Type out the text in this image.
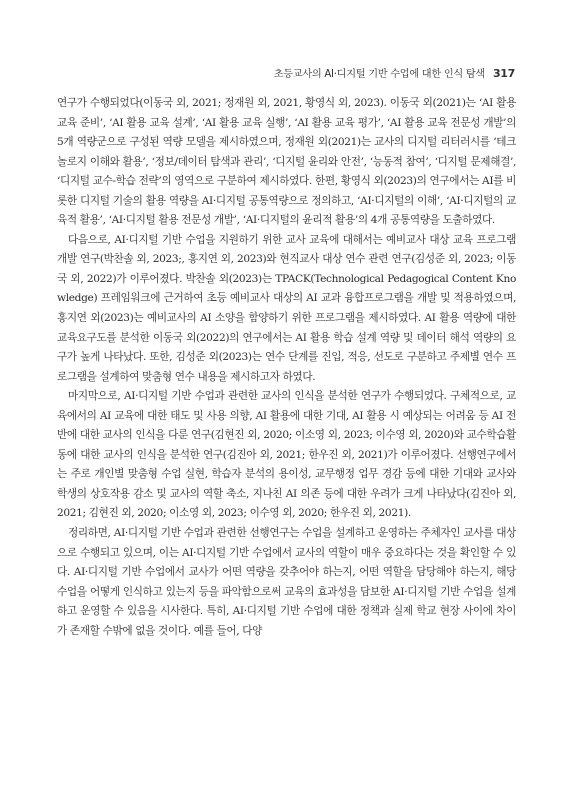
초등교사의 AI·디지털 기반 수업에 대한 인식 탐색 317

연구가 수행되었다(이동국 외, 2021; 정재원 외, 2021, 황영식 외, 2023). 이동국 외(2021)는 ‘AI 활용 교육 준비’, ‘AI 활용 교육 설계’, ‘AI 활용 교육 실행’, ‘AI 활용 교육 평가’, ‘AI 활용 교육 전문성 개발’의 5개 역량군으로 구성된 역량 모델을 제시하였으며, 정재원 외(2021)는 교사의 디지털 리터러시를 ‘테크놀로지 이해와 활용’, ‘정보/데이터 탐색과 관리’, ‘디지털 윤리와 안전’, ‘능동적 참여’, ‘디지털 문제해결’, ‘디지털 교수-학습 전략’의 영역으로 구분하여 제시하였다. 한편, 황영식 외(2023)의 연구에서는 AI를 비롯한 디지털 기술의 활용 역량을 AI·디지털 공통역량으로 정의하고, ‘AI·디지털의 이해’, ‘AI·디지털의 교육적 활용’, ‘AI·디지털 활용 전문성 개발’, ‘AI·디지털의 윤리적 활용’의 4개 공통역량을 도출하였다.

다음으로, AI·디지털 기반 수업을 지원하기 위한 교사 교육에 대해서는 예비교사 대상 교육 프로그램 개발 연구(박찬솔 외, 2023;, 홍지연 외, 2023)와 현직교사 대상 연수 관련 연구(김성준 외, 2023; 이동국 외, 2022)가 이루어졌다. 박찬솔 외(2023)는 TPACK(Technological Pedagogical Content Knowledge) 프레임워크에 근거하여 초등 예비교사 대상의 AI 교과 융합프로그램을 개발 및 적용하였으며, 홍지연 외(2023)는 예비교사의 AI 소양을 함양하기 위한 프로그램을 제시하였다. AI 활용 역량에 대한 교육요구도를 분석한 이동국 외(2022)의 연구에서는 AI 활용 학습 설계 역량 및 데이터 해석 역량의 요구가 높게 나타났다. 또한, 김성준 외(2023)는 연수 단계를 진입, 적응, 선도로 구분하고 주제별 연수 프로그램을 설계하여 맞춤형 연수 내용을 제시하고자 하였다.

마지막으로, AI·디지털 기반 수업과 관련한 교사의 인식을 분석한 연구가 수행되었다. 구체적으로, 교육에서의 AI 교육에 대한 태도 및 사용 의향, AI 활용에 대한 기대, AI 활용 시 예상되는 어려움 등 AI 전반에 대한 교사의 인식을 다룬 연구(김현진 외, 2020; 이소영 외, 2023; 이수영 외, 2020)와 교수학습활동에 대한 교사의 인식을 분석한 연구(김진아 외, 2021; 한우진 외, 2021)가 이루어졌다. 선행연구에서는 주로 개인별 맞춤형 수업 실현, 학습자 분석의 용이성, 교무행정 업무 경감 등에 대한 기대와 교사와 학생의 상호작용 감소 및 교사의 역할 축소, 지나친 AI 의존 등에 대한 우려가 크게 나타났다(김진아 외, 2021; 김현진 외, 2020; 이소영 외, 2023; 이수영 외, 2020; 한우진 외, 2021).

정리하면, AI·디지털 기반 수업과 관련한 선행연구는 수업을 설계하고 운영하는 주체자인 교사를 대상으로 수행되고 있으며, 이는 AI·디지털 기반 수업에서 교사의 역할이 매우 중요하다는 것을 확인할 수 있다. AI·디지털 기반 수업에서 교사가 어떤 역량을 갖추어야 하는지, 어떤 역할을 담당해야 하는지, 해당 수업을 어떻게 인식하고 있는지 등을 파악함으로써 교육의 효과성을 담보한 AI·디지털 기반 수업을 설계하고 운영할 수 있음을 시사한다. 특히, AI·디지털 기반 수업에 대한 정책과 실제 학교 현장 사이에 차이가 존재할 수밖에 없을 것이다. 예를 들어, 다양
